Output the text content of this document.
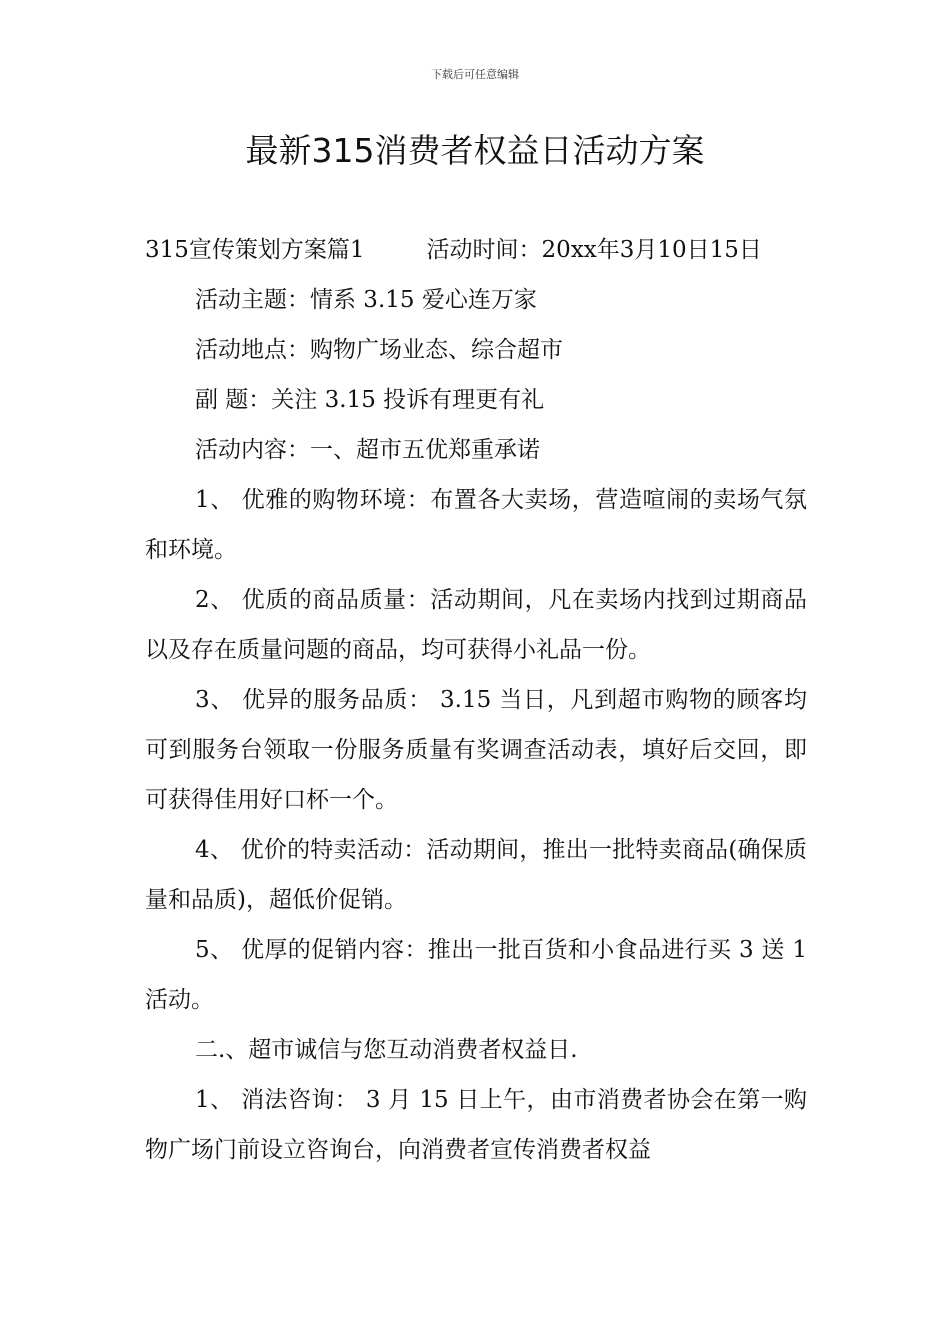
下载后可任意编辑
最新315消费者权益日活动方案

315宣传策划方案篇1	活动时间：20xx年3月10日15日

活动主题：情系 3.15 爱心连万家

活动地点：购物广场业态、综合超市

副 题：关注 3.15 投诉有理更有礼

活动内容：一、超市五优郑重承诺

1、 优雅的购物环境：布置各大卖场，营造喧闹的卖场气氛和环境。

2、 优质的商品质量：活动期间，凡在卖场内找到过期商品以及存在质量问题的商品，均可获得小礼品一份。

3、 优异的服务品质： 3.15 当日，凡到超市购物的顾客均可到服务台领取一份服务质量有奖调查活动表，填好后交回，即可获得佳用好口杯一个。

4、 优价的特卖活动：活动期间，推出一批特卖商品(确保质量和品质)，超低价促销。

5、 优厚的促销内容：推出一批百货和小食品进行买 3 送 1 活动。

二.、超市诚信与您互动消费者权益日.

1、 消法咨询： 3 月 15 日上午，由市消费者协会在第一购物广场门前设立咨询台，向消费者宣传消费者权益
